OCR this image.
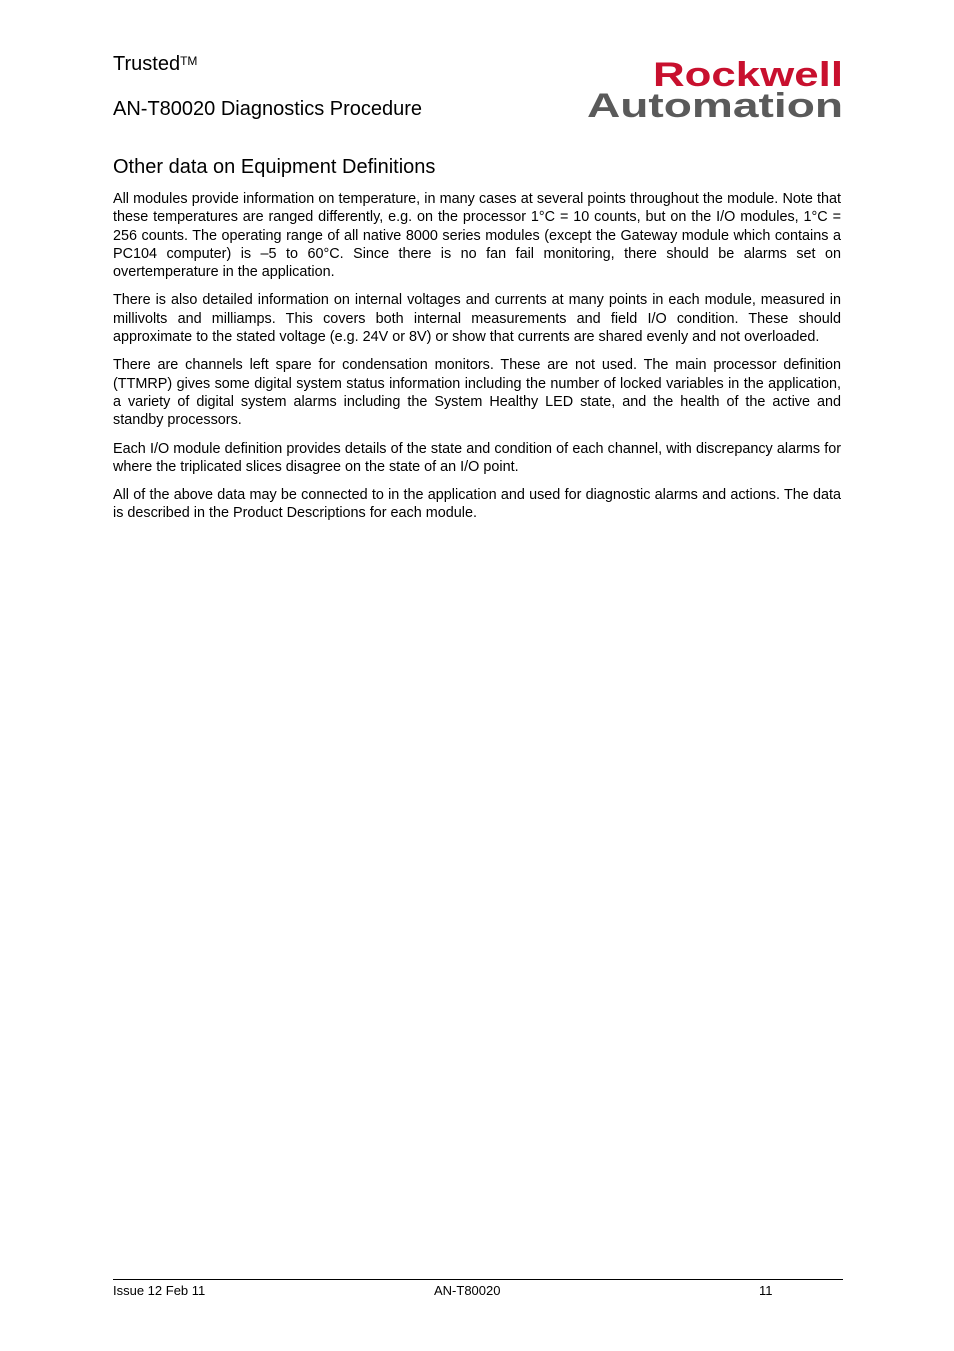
Trusted™
AN-T80020 Diagnostics Procedure
Rockwell
Automation
Other data on Equipment Definitions

All modules provide information on temperature, in many cases at several points throughout the module. Note that these temperatures are ranged differently, e.g. on the processor 1°C = 10 counts, but on the I/O modules, 1°C = 256 counts. The operating range of all native 8000 series modules (except the Gateway module which contains a PC104 computer) is –5 to 60°C. Since there is no fan fail monitoring, there should be alarms set on overtemperature in the application.

There is also detailed information on internal voltages and currents at many points in each module, measured in millivolts and milliamps. This covers both internal measurements and field I/O condition. These should approximate to the stated voltage (e.g. 24V or 8V) or show that currents are shared evenly and not overloaded.

There are channels left spare for condensation monitors. These are not used. The main processor definition (TTMRP) gives some digital system status information including the number of locked variables in the application, a variety of digital system alarms including the System Healthy LED state, and the health of the active and standby processors.

Each I/O module definition provides details of the state and condition of each channel, with discrepancy alarms for where the triplicated slices disagree on the state of an I/O point.

All of the above data may be connected to in the application and used for diagnostic alarms and actions. The data is described in the Product Descriptions for each module.

Issue 12 Feb 11	AN-T80020	11
